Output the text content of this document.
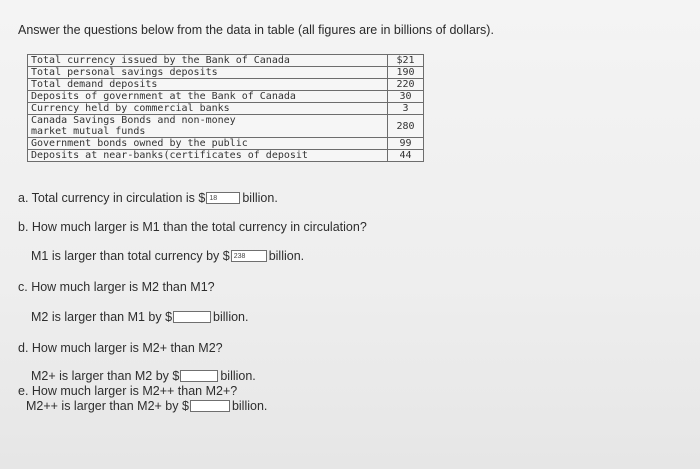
Answer the questions below from the data in table (all figures are in billions of dollars).
Total currency issued by the Bank of Canada	$21
Total personal savings deposits	190
Total demand deposits	220
Deposits of government at the Bank of Canada	30
Currency held by commercial banks	3
Canada Savings Bonds and non-money market mutual funds	280
Government bonds owned by the public	99
Deposits at near-banks(certificates of deposit	44
a. Total currency in circulation is $ 18	billion.
b. How much larger is M1 than the total currency in circulation?
M1 is larger than total currency by $ 238	billion.
c. How much larger is M2 than M1?
M2 is larger than M1 by $	billion.
d. How much larger is M2+ than M2?
M2+ is larger than M2 by $	billion.
e. How much larger is M2++ than M2+?
M2++ is larger than M2+ by $	billion.
